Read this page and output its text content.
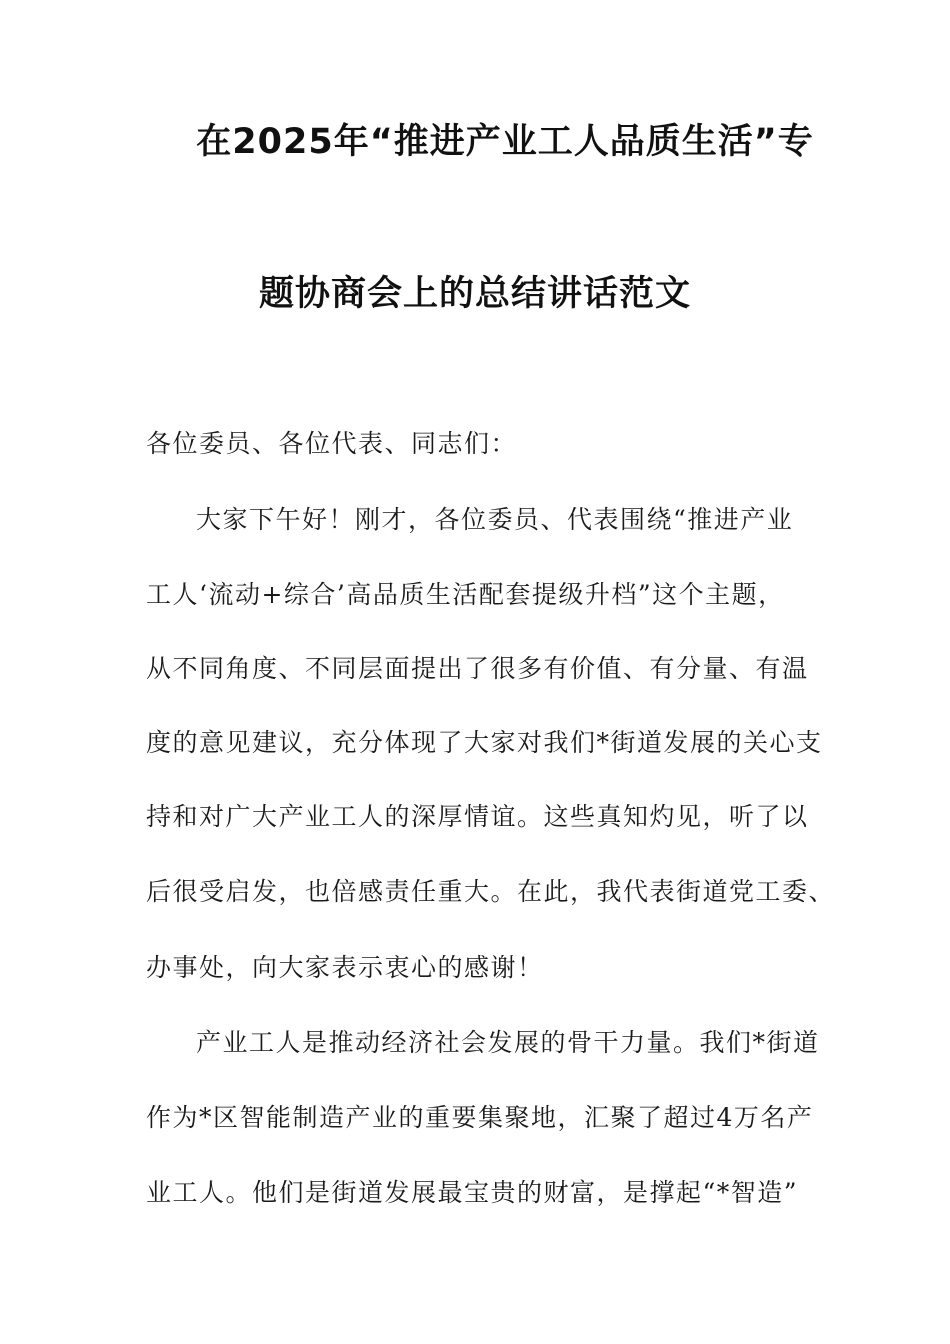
在2025年“推进产业工人品质生活”专
题协商会上的总结讲话范文
各位委员、各位代表、同志们：
大家下午好！刚才，各位委员、代表围绕“推进产业
工人‘流动+综合’高品质生活配套提级升档”这个主题，
从不同角度、不同层面提出了很多有价值、有分量、有温
度的意见建议，充分体现了大家对我们*街道发展的关心支
持和对广大产业工人的深厚情谊。这些真知灼见，听了以
后很受启发，也倍感责任重大。在此，我代表街道党工委、
办事处，向大家表示衷心的感谢！
产业工人是推动经济社会发展的骨干力量。我们*街道
作为*区智能制造产业的重要集聚地，汇聚了超过4万名产
业工人。他们是街道发展最宝贵的财富，是撑起“*智造”
